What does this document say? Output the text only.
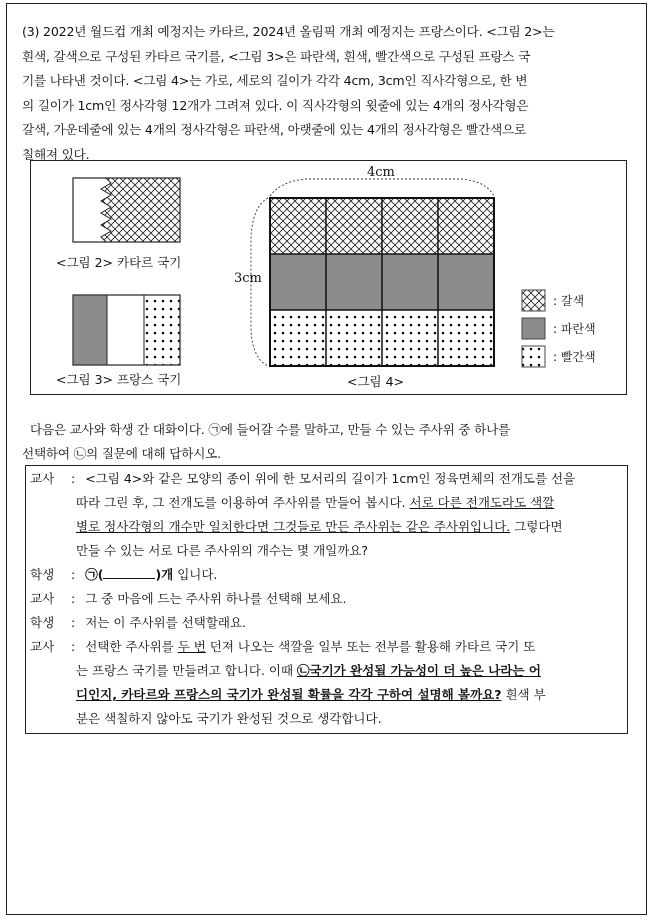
(3) 2022년 월드컵 개최 예정지는 카타르, 2024년 올림픽 개최 예정지는 프랑스이다. <그림 2>는
흰색, 갈색으로 구성된 카타르 국기를, <그림 3>은 파란색, 흰색, 빨간색으로 구성된 프랑스 국
기를 나타낸 것이다. <그림 4>는 가로, 세로의 길이가 각각 4cm, 3cm인 직사각형으로, 한 변
의 길이가 1cm인 정사각형 12개가 그려져 있다. 이 직사각형의 윗줄에 있는 4개의 정사각형은
갈색, 가운데줄에 있는 4개의 정사각형은 파란색, 아랫줄에 있는 4개의 정사각형은 빨간색으로
칠해져 있다.
<그림 2> 카타르 국기
<그림 3> 프랑스 국기	<그림 4>
4cm
3cm
: 갈색
: 파란색
: 빨간색
다음은 교사와 학생 간 대화이다. ㉠에 들어갈 수를 말하고, 만들 수 있는 주사위 중 하나를
선택하여 ㉡의 질문에 대해 답하시오.
교사 : <그림 4>와 같은 모양의 종이 위에 한 모서리의 길이가 1cm인 정육면체의 전개도를 선을
따라 그린 후, 그 전개도를 이용하여 주사위를 만들어 봅시다. 서로 다른 전개도라도 색깔
별로 정사각형의 개수만 일치한다면 그것들로 만든 주사위는 같은 주사위입니다. 그렇다면
만들 수 있는 서로 다른 주사위의 개수는 몇 개일까요?
학생 : ㉠(	)개 입니다.
교사 : 그 중 마음에 드는 주사위 하나를 선택해 보세요.
학생 : 저는 이 주사위를 선택할래요.
교사 : 선택한 주사위를 두 번 던져 나오는 색깔을 일부 또는 전부를 활용해 카타르 국기 또
는 프랑스 국기를 만들려고 합니다. 이때 ㉡국기가 완성될 가능성이 더 높은 나라는 어
디인지, 카타르와 프랑스의 국기가 완성될 확률을 각각 구하여 설명해 볼까요? 흰색 부
분은 색칠하지 않아도 국기가 완성된 것으로 생각합니다.
